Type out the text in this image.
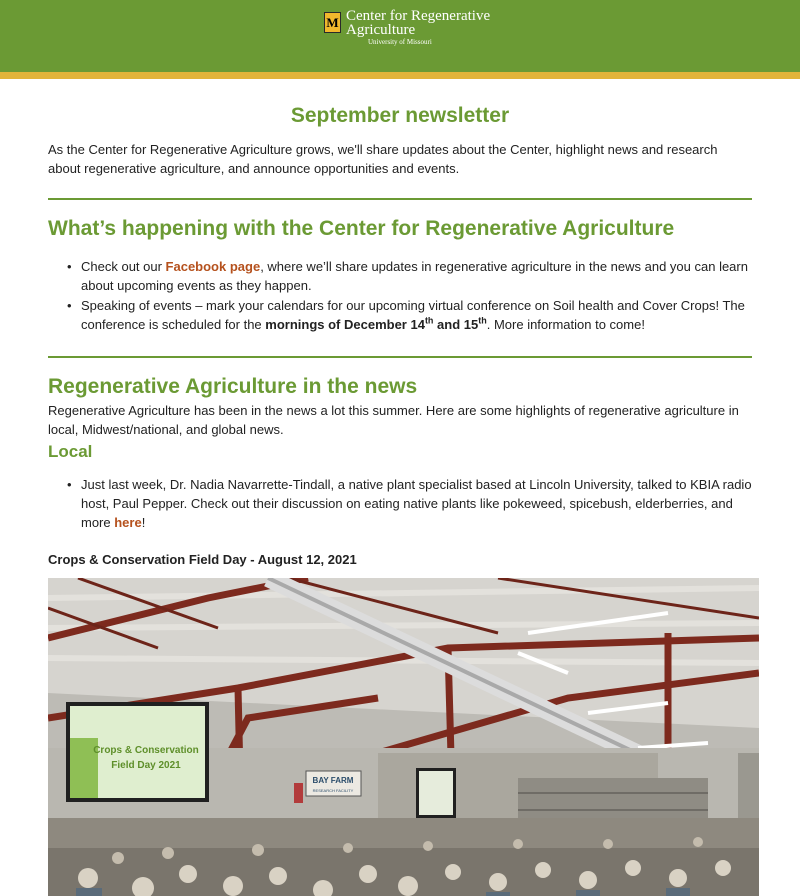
M Center for Regenerative
Agriculture
University of Missouri
September newsletter

As the Center for Regenerative Agriculture grows, we'll share updates about the Center, highlight news and research about regenerative agriculture, and announce opportunities and events.

What’s happening with the Center for Regenerative Agriculture
• Check out our Facebook page, where we’ll share updates in regenerative agriculture in the news and you can learn about upcoming events as they happen.
• Speaking of events – mark your calendars for our upcoming virtual conference on Soil health and Cover Crops! The conference is scheduled for the mornings of December 14th and 15th. More information to come!
Regenerative Agriculture in the news

Regenerative Agriculture has been in the news a lot this summer. Here are some highlights of regenerative agriculture in local, Midwest/national, and global news.

Local
• Just last week, Dr. Nadia Navarrette-Tindall, a native plant specialist based at Lincoln University, talked to KBIA radio host, Paul Pepper. Check out their discussion on eating native plants like pokeweed, spicebush, elderberries, and more here!
Crops & Conservation Field Day - August 12, 2021
Crops & Conservation
Field Day 2021
BAY FARM
RESEARCH FACILITY
